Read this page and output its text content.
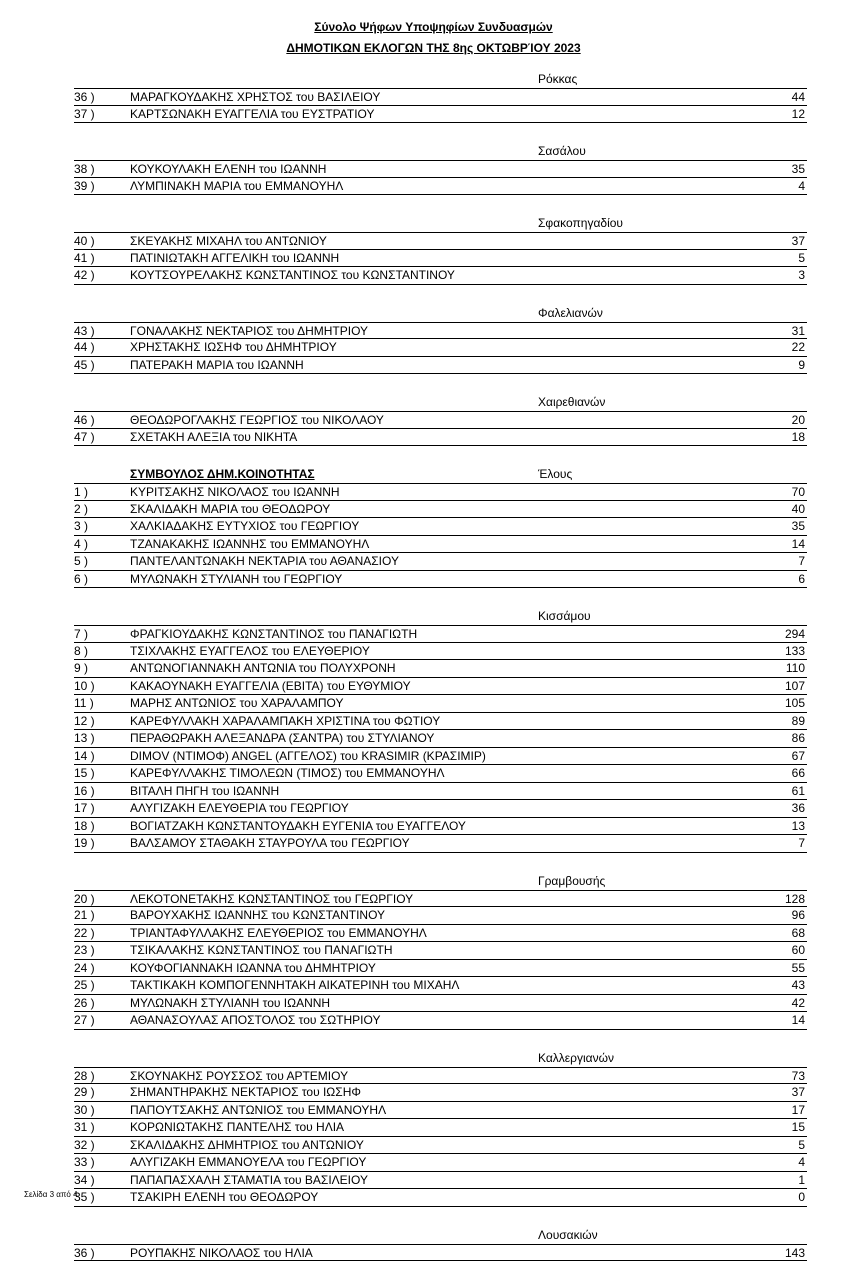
Σύνολο Ψήφων Υποψηφίων Συνδυασμών
ΔΗΜΟΤΙΚΩΝ ΕΚΛΟΓΩΝ ΤΗΣ 8ης ΟΚΤΩΒΡΊΟΥ 2023
Ρόκκας
36 )	ΜΑΡΑΓΚΟΥΔΑΚΗΣ ΧΡΗΣΤΟΣ του ΒΑΣΙΛΕΙΟΥ	44
37 )	ΚΑΡΤΣΩΝΑΚΗ ΕΥΑΓΓΕΛΙΑ του ΕΥΣΤΡΑΤΙΟΥ	12
Σασάλου
38 )	ΚΟΥΚΟΥΛΑΚΗ ΕΛΕΝΗ του ΙΩΑΝΝΗ	35
39 )	ΛΥΜΠΙΝΑΚΗ ΜΑΡΙΑ του ΕΜΜΑΝΟΥΗΛ	4
Σφακοπηγαδίου
40 )	ΣΚΕΥΑΚΗΣ ΜΙΧΑΗΛ του ΑΝΤΩΝΙΟΥ	37
41 )	ΠΑΤΙΝΙΩΤΑΚΗ ΑΓΓΕΛΙΚΗ του ΙΩΑΝΝΗ	5
42 )	ΚΟΥΤΣΟΥΡΕΛΑΚΗΣ ΚΩΝΣΤΑΝΤΙΝΟΣ του ΚΩΝΣΤΑΝΤΙΝΟΥ	3
Φαλελιανών
43 )	ΓΟΝΑΛΑΚΗΣ ΝΕΚΤΑΡΙΟΣ του ΔΗΜΗΤΡΙΟΥ	31
44 )	ΧΡΗΣΤΑΚΗΣ ΙΩΣΗΦ του ΔΗΜΗΤΡΙΟΥ	22
45 )	ΠΑΤΕΡΑΚΗ ΜΑΡΙΑ του ΙΩΑΝΝΗ	9
Χαιρεθιανών
46 )	ΘΕΟΔΩΡΟΓΛΑΚΗΣ ΓΕΩΡΓΙΟΣ του ΝΙΚΟΛΑΟΥ	20
47 )	ΣΧΕΤΑΚΗ ΑΛΕΞΙΑ του ΝΙΚΗΤΑ	18
ΣΥΜΒΟΥΛΟΣ ΔΗΜ.ΚΟΙΝΟΤΗΤΑΣ	Έλους
1 )	ΚΥΡΙΤΣΑΚΗΣ ΝΙΚΟΛΑΟΣ του ΙΩΑΝΝΗ	70
2 )	ΣΚΑΛΙΔΑΚΗ ΜΑΡΙΑ του ΘΕΟΔΩΡΟΥ	40
3 )	ΧΑΛΚΙΑΔΑΚΗΣ ΕΥΤΥΧΙΟΣ του ΓΕΩΡΓΙΟΥ	35
4 )	ΤΖΑΝΑΚΑΚΗΣ ΙΩΑΝΝΗΣ του ΕΜΜΑΝΟΥΗΛ	14
5 )	ΠΑΝΤΕΛΑΝΤΩΝΑΚΗ ΝΕΚΤΑΡΙΑ του ΑΘΑΝΑΣΙΟΥ	7
6 )	ΜΥΛΩΝΑΚΗ ΣΤΥΛΙΑΝΗ του ΓΕΩΡΓΙΟΥ	6
Κισσάμου
7 )	ΦΡΑΓΚΙΟΥΔΑΚΗΣ ΚΩΝΣΤΑΝΤΙΝΟΣ του ΠΑΝΑΓΙΩΤΗ	294
8 )	ΤΣΙΧΛΑΚΗΣ ΕΥΑΓΓΕΛΟΣ του ΕΛΕΥΘΕΡΙΟΥ	133
9 )	ΑΝΤΩΝΟΓΙΑΝΝΑΚΗ ΑΝΤΩΝΙΑ του ΠΟΛΥΧΡΟΝΗ	110
10 )	ΚΑΚΑΟΥΝΑΚΗ ΕΥΑΓΓΕΛΙΑ (ΕΒΙΤΑ) του ΕΥΘΥΜΙΟΥ	107
11 )	ΜΑΡΗΣ ΑΝΤΩΝΙΟΣ του ΧΑΡΑΛΑΜΠΟΥ	105
12 )	ΚΑΡΕΦΥΛΛΑΚΗ ΧΑΡΑΛΑΜΠΑΚΗ ΧΡΙΣΤΙΝΑ του ΦΩΤΙΟΥ	89
13 )	ΠΕΡΑΘΩΡΑΚΗ ΑΛΕΞΑΝΔΡΑ (ΣΑΝΤΡΑ) του ΣΤΥΛΙΑΝΟΥ	86
14 )	DIMOV (ΝΤΙΜΟΦ) ANGEL (ΑΓΓΕΛΟΣ) του KRASIMIR (ΚΡΑΣΙΜΙΡ)	67
15 )	ΚΑΡΕΦΥΛΛΑΚΗΣ ΤΙΜΟΛΕΩΝ (ΤΙΜΟΣ) του ΕΜΜΑΝΟΥΗΛ	66
16 )	ΒΙΤΑΛΗ ΠΗΓΗ του ΙΩΑΝΝΗ	61
17 )	ΑΛΥΓΙΖΑΚΗ ΕΛΕΥΘΕΡΙΑ του ΓΕΩΡΓΙΟΥ	36
18 )	ΒΟΓΙΑΤΖΑΚΗ ΚΩΝΣΤΑΝΤΟΥΔΑΚΗ ΕΥΓΕΝΙΑ του ΕΥΑΓΓΕΛΟΥ	13
19 )	ΒΑΛΣΑΜΟΥ ΣΤΑΘΑΚΗ ΣΤΑΥΡΟΥΛΑ του ΓΕΩΡΓΙΟΥ	7
Γραμβουσής
20 )	ΛΕΚΟΤΟΝΕΤΑΚΗΣ ΚΩΝΣΤΑΝΤΙΝΟΣ του ΓΕΩΡΓΙΟΥ	128
21 )	ΒΑΡΟΥΧΑΚΗΣ ΙΩΑΝΝΗΣ του ΚΩΝΣΤΑΝΤΙΝΟΥ	96
22 )	ΤΡΙΑΝΤΑΦΥΛΛΑΚΗΣ ΕΛΕΥΘΕΡΙΟΣ του ΕΜΜΑΝΟΥΗΛ	68
23 )	ΤΣΙΚΑΛΑΚΗΣ ΚΩΝΣΤΑΝΤΙΝΟΣ του ΠΑΝΑΓΙΩΤΗ	60
24 )	ΚΟΥΦΟΓΙΑΝΝΑΚΗ ΙΩΑΝΝΑ του ΔΗΜΗΤΡΙΟΥ	55
25 )	ΤΑΚΤΙΚΑΚΗ ΚΟΜΠΟΓΕΝΝΗΤΑΚΗ ΑΙΚΑΤΕΡΙΝΗ του ΜΙΧΑΗΛ	43
26 )	ΜΥΛΩΝΑΚΗ ΣΤΥΛΙΑΝΗ του ΙΩΑΝΝΗ	42
27 )	ΑΘΑΝΑΣΟΥΛΑΣ ΑΠΟΣΤΟΛΟΣ του ΣΩΤΗΡΙΟΥ	14
Καλλεργιανών
28 )	ΣΚΟΥΝΑΚΗΣ ΡΟΥΣΣΟΣ του ΑΡΤΕΜΙΟΥ	73
29 )	ΣΗΜΑΝΤΗΡΑΚΗΣ ΝΕΚΤΑΡΙΟΣ του ΙΩΣΗΦ	37
30 )	ΠΑΠΟΥΤΣΑΚΗΣ ΑΝΤΩΝΙΟΣ του ΕΜΜΑΝΟΥΗΛ	17
31 )	ΚΟΡΩΝΙΩΤΑΚΗΣ ΠΑΝΤΕΛΗΣ του ΗΛΙΑ	15
32 )	ΣΚΑΛΙΔΑΚΗΣ ΔΗΜΗΤΡΙΟΣ του ΑΝΤΩΝΙΟΥ	5
33 )	ΑΛΥΓΙΖΑΚΗ ΕΜΜΑΝΟΥΕΛΑ του ΓΕΩΡΓΙΟΥ	4
34 )	ΠΑΠΑΠΑΣΧΑΛΗ ΣΤΑΜΑΤΙΑ του ΒΑΣΙΛΕΙΟΥ	1
35 )	ΤΣΑΚΙΡΗ ΕΛΕΝΗ του ΘΕΟΔΩΡΟΥ	0
Λουσακιών
36 )	ΡΟΥΠΑΚΗΣ ΝΙΚΟΛΑΟΣ του ΗΛΙΑ	143
Σελίδα 3 από 4
